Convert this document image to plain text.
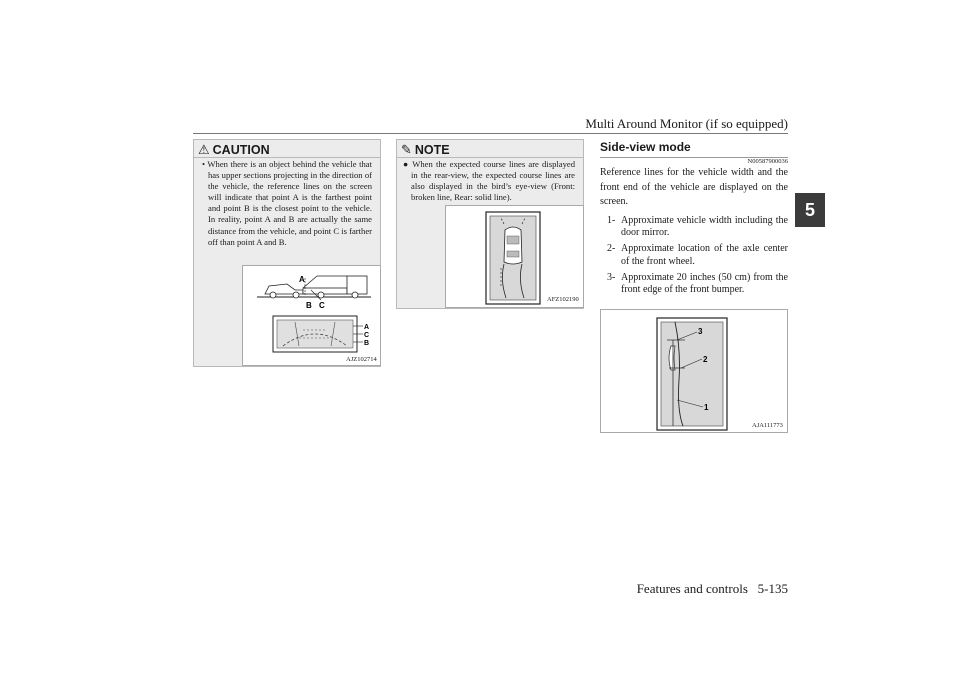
Multi Around Monitor (if so equipped)
5
⚠ CAUTION
• When there is an object behind the vehicle that has upper sections projecting in the direction of the vehicle, the reference lines on the screen will indicate that point A is the farthest point and point B is the closest point to the vehicle. In reality, point A and B are actually the same distance from the vehicle, and point C is farther off than point A and B.
A
B C
A
C
B
AJZ102714
✎ NOTE
● When the expected course lines are displayed in the rear-view, the expected course lines are also displayed in the bird’s eye-view (Front: broken line, Rear: solid line).
AFZ102190
Side-view mode
N00587900036
Reference lines for the vehicle width and the front end of the vehicle are displayed on the screen.
1- Approximate vehicle width including the door mirror.
2- Approximate location of the axle center of the front wheel.
3- Approximate 20 inches (50 cm) from the front edge of the front bumper.
3
2
1
AJA111773
Features and controls 5-135
